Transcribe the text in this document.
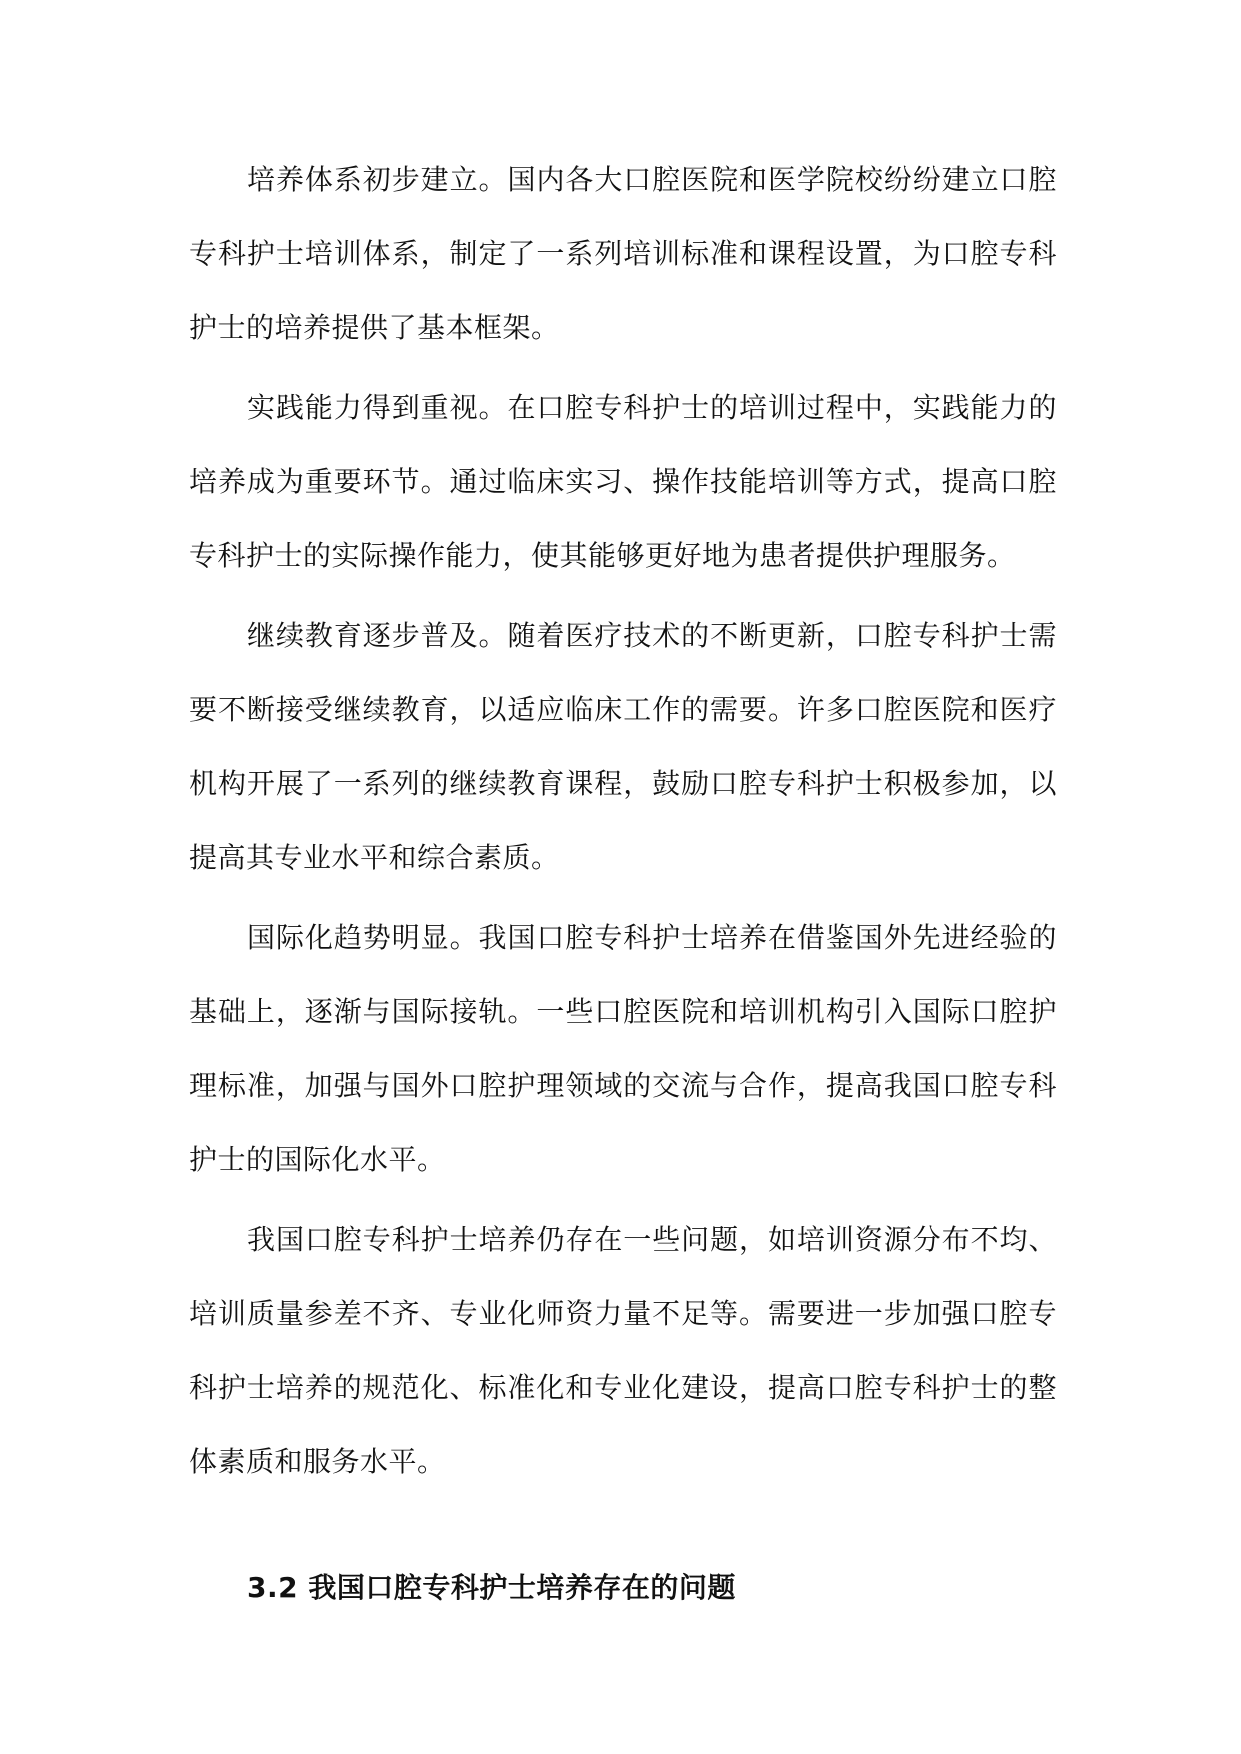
培养体系初步建立。国内各大口腔医院和医学院校纷纷建立口腔专科护士培训体系，制定了一系列培训标准和课程设置，为口腔专科护士的培养提供了基本框架。

实践能力得到重视。在口腔专科护士的培训过程中，实践能力的培养成为重要环节。通过临床实习、操作技能培训等方式，提高口腔专科护士的实际操作能力，使其能够更好地为患者提供护理服务。

继续教育逐步普及。随着医疗技术的不断更新，口腔专科护士需要不断接受继续教育，以适应临床工作的需要。许多口腔医院和医疗机构开展了一系列的继续教育课程，鼓励口腔专科护士积极参加，以提高其专业水平和综合素质。

国际化趋势明显。我国口腔专科护士培养在借鉴国外先进经验的基础上，逐渐与国际接轨。一些口腔医院和培训机构引入国际口腔护理标准，加强与国外口腔护理领域的交流与合作，提高我国口腔专科护士的国际化水平。

我国口腔专科护士培养仍存在一些问题，如培训资源分布不均、培训质量参差不齐、专业化师资力量不足等。需要进一步加强口腔专科护士培养的规范化、标准化和专业化建设，提高口腔专科护士的整体素质和服务水平。

3.2 我国口腔专科护士培养存在的问题
